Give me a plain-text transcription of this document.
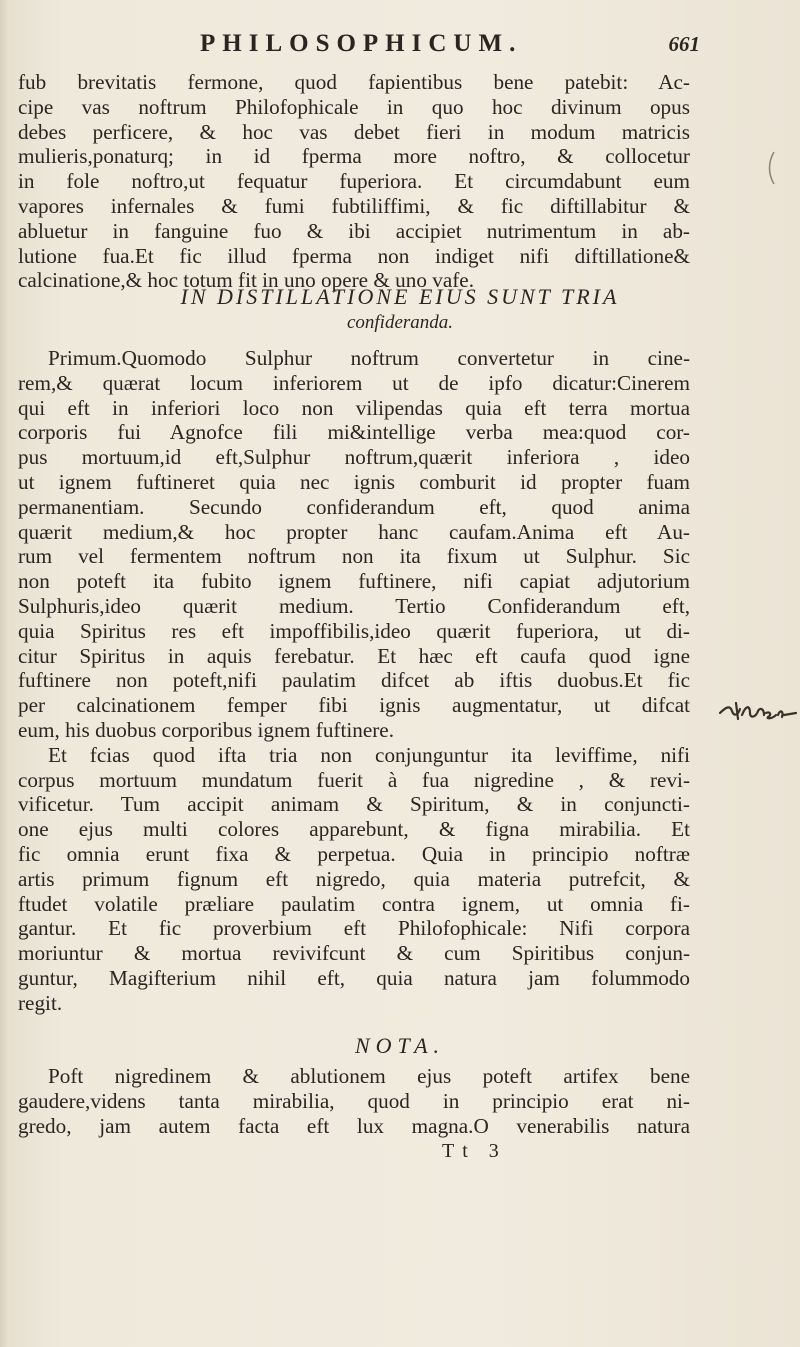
PHILOSOPHICUM.	661
fub brevitatis fermone, quod fapientibus bene patebit: Ac-
cipe vas noftrum Philofophicale in quo hoc divinum opus
debes perficere, & hoc vas debet fieri in modum matricis
mulieris,ponaturq; in id fperma more noftro, & collocetur
in fole noftro,ut fequatur fuperiora. Et circumdabunt eum
vapores infernales & fumi fubtiliffimi, & fic diftillabitur &
abluetur in fanguine fuo & ibi accipiet nutrimentum in ab-
lutione fua.Et fic illud fperma non indiget nifi diftillatione&
calcinatione,& hoc totum fit in uno opere & uno vafe.
IN DISTILLATIONE EIUS SUNT TRIA
confideranda.
Primum.Quomodo Sulphur noftrum convertetur in cine-
rem,& quærat locum inferiorem ut de ipfo dicatur:Cinerem
qui eft in inferiori loco non vilipendas quia eft terra mortua
corporis fui Agnofce fili mi&intellige verba mea:quod cor-
pus mortuum,id eft,Sulphur noftrum,quærit inferiora , ideo
ut ignem fuftineret quia nec ignis comburit id propter fuam
permanentiam. Secundo confiderandum eft, quod anima
quærit medium,& hoc propter hanc caufam.Anima eft Au-
rum vel fermentem noftrum non ita fixum ut Sulphur. Sic
non poteft ita fubito ignem fuftinere, nifi capiat adjutorium
Sulphuris,ideo quærit medium. Tertio Confiderandum eft,
quia Spiritus res eft impoffibilis,ideo quærit fuperiora, ut di-
citur Spiritus in aquis ferebatur. Et hæc eft caufa quod igne
fuftinere non poteft,nifi paulatim difcet ab iftis duobus.Et fic
per calcinationem femper fibi ignis augmentatur, ut difcat
eum, his duobus corporibus ignem fuftinere.
Et fcias quod ifta tria non conjunguntur ita leviffime, nifi
corpus mortuum mundatum fuerit à fua nigredine , & revi-
vificetur. Tum accipit animam & Spiritum, & in conjuncti-
one ejus multi colores apparebunt, & figna mirabilia. Et
fic omnia erunt fixa & perpetua. Quia in principio noftræ
artis primum fignum eft nigredo, quia materia putrefcit, &
ftudet volatile præliare paulatim contra ignem, ut omnia fi-
gantur. Et fic proverbium eft Philofophicale: Nifi corpora
moriuntur & mortua revivifcunt & cum Spiritibus conjun-
guntur, Magifterium nihil eft, quia natura jam folummodo
regit.
NOTA.
Poft nigredinem & ablutionem ejus poteft artifex bene
gaudere,videns tanta mirabilia, quod in principio erat ni-
gredo, jam autem facta eft lux magna.O venerabilis natura
Tt 3
